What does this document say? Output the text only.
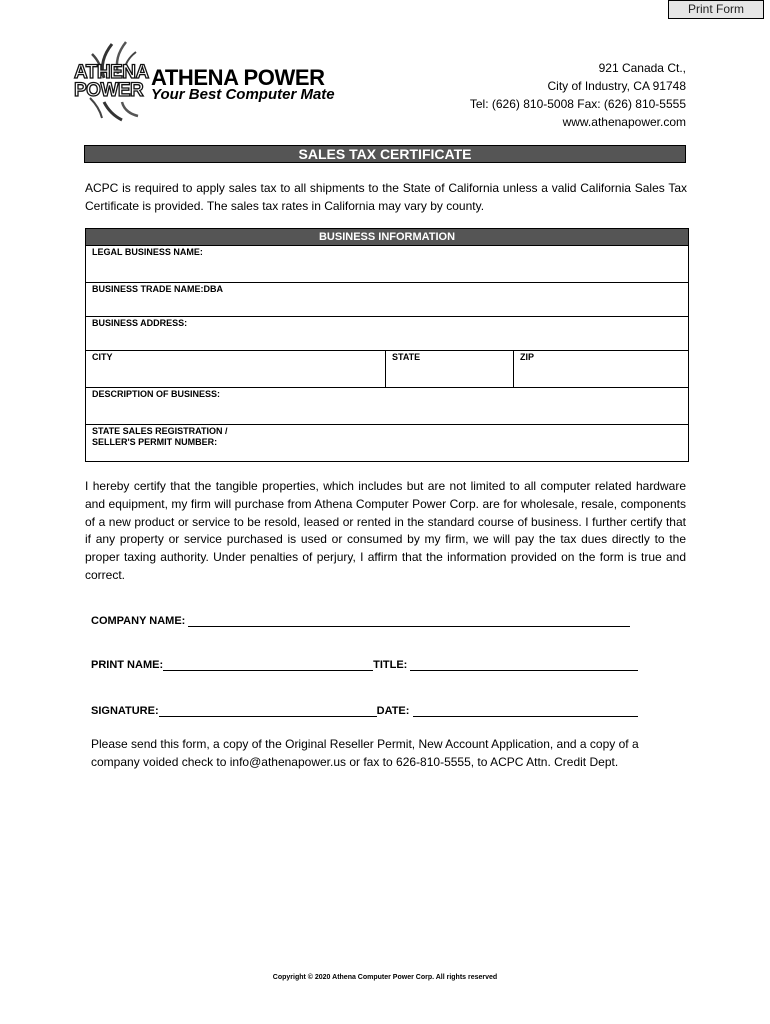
Print Form
ATHENA
POWER
ATHENA POWER
Your Best Computer Mate
921 Canada Ct.,
City of Industry, CA 91748
Tel: (626) 810-5008 Fax: (626) 810-5555
www.athenapower.com
SALES TAX CERTIFICATE
ACPC is required to apply sales tax to all shipments to the State of California unless a valid California Sales Tax Certificate is provided. The sales tax rates in California may vary by county.
BUSINESS INFORMATION
LEGAL BUSINESS NAME:
BUSINESS TRADE NAME:DBA
BUSINESS ADDRESS:
CITY	STATE	ZIP
DESCRIPTION OF BUSINESS:

STATE SALES REGISTRATION /
SELLER'S PERMIT NUMBER:
I hereby certify that the tangible properties, which includes but are not limited to all computer related hardware and equipment, my firm will purchase from Athena Computer Power Corp. are for wholesale, resale, components of a new product or service to be resold, leased or rented in the standard course of business. I further certify that if any property or service purchased is used or consumed by my firm, we will pay the tax dues directly to the proper taxing authority. Under penalties of perjury, I affirm that the information provided on the form is true and correct.
COMPANY NAME:
PRINT NAME:	TITLE:
SIGNATURE:	DATE:
Please send this form, a copy of the Original Reseller Permit, New Account Application, and a copy of a company voided check to info@athenapower.us or fax to 626-810-5555, to ACPC Attn. Credit Dept.
Copyright © 2020 Athena Computer Power Corp. All rights reserved
